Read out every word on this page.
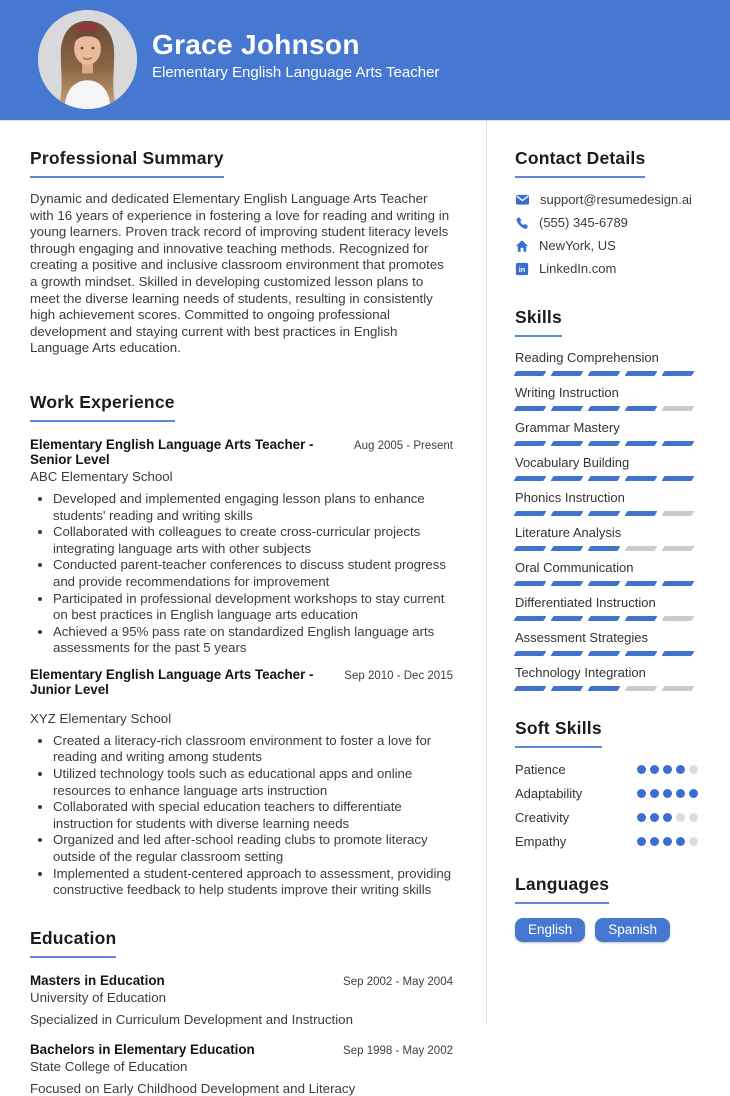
Grace Johnson
Elementary English Language Arts Teacher
Professional Summary

Dynamic and dedicated Elementary English Language Arts Teacher with 16 years of experience in fostering a love for reading and writing in young learners. Proven track record of improving student literacy levels through engaging and innovative teaching methods. Recognized for creating a positive and inclusive classroom environment that promotes a growth mindset. Skilled in developing customized lesson plans to meet the diverse learning needs of students, resulting in consistently high achievement scores. Committed to ongoing professional development and staying current with best practices in English Language Arts education.

Work Experience
Elementary English Language Arts Teacher - Senior Level
Aug 2005 - Present
ABC Elementary School
• Developed and implemented engaging lesson plans to enhance students' reading and writing skills
• Collaborated with colleagues to create cross-curricular projects integrating language arts with other subjects
• Conducted parent-teacher conferences to discuss student progress and provide recommendations for improvement
• Participated in professional development workshops to stay current on best practices in English language arts education
• Achieved a 95% pass rate on standardized English language arts assessments for the past 5 years
Elementary English Language Arts Teacher - Junior Level
Sep 2010 - Dec 2015
XYZ Elementary School
• Created a literacy-rich classroom environment to foster a love for reading and writing among students
• Utilized technology tools such as educational apps and online resources to enhance language arts instruction
• Collaborated with special education teachers to differentiate instruction for students with diverse learning needs
• Organized and led after-school reading clubs to promote literacy outside of the regular classroom setting
• Implemented a student-centered approach to assessment, providing constructive feedback to help students improve their writing skills
Education
Masters in Education	Sep 2002 - May 2004
University of Education
Specialized in Curriculum Development and Instruction
Bachelors in Elementary Education	Sep 1998 - May 2002
State College of Education
Focused on Early Childhood Development and Literacy
Contact Details
support@resumedesign.ai
(555) 345-6789
NewYork, US
in LinkedIn.com
Skills
Reading Comprehension
Writing Instruction
Grammar Mastery
Vocabulary Building
Phonics Instruction
Literature Analysis
Oral Communication
Differentiated Instruction
Assessment Strategies
Technology Integration
Soft Skills
Patience
Adaptability
Creativity
Empathy
Languages
English	Spanish
